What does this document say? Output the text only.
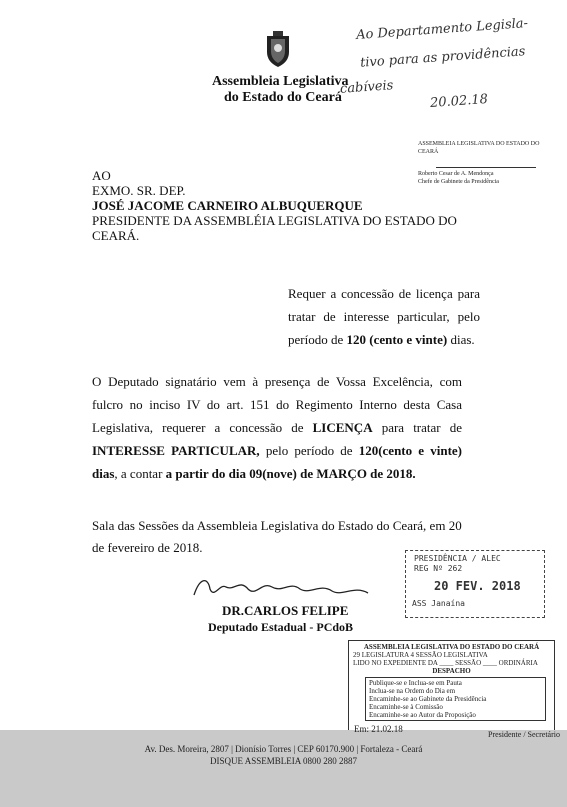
Assembleia Legislativa
do Estado do Ceará
Ao Departamento Legisla-
tivo para as providências
cabíveis
20.02.18
ASSEMBLEIA LEGISLATIVA DO ESTADO DO CEARÁ
Roberto Cesar de A. Mendonça
Chefe de Gabinete da Presidência
AO
EXMO. SR. DEP.
JOSÉ JACOME CARNEIRO ALBUQUERQUE
PRESIDENTE DA ASSEMBLÉIA LEGISLATIVA DO ESTADO DO CEARÁ.
Requer a concessão de licença para tratar de interesse particular, pelo período de 120 (cento e vinte) dias.
O Deputado signatário vem à presença de Vossa Excelência, com fulcro no inciso IV do art. 151 do Regimento Interno desta Casa Legislativa, requerer a concessão de LICENÇA para tratar de INTERESSE PARTICULAR, pelo período de 120(cento e vinte) dias, a contar a partir do dia 09(nove) de MARÇO de 2018.
Sala das Sessões da Assembleia Legislativa do Estado do Ceará, em 20 de fevereiro de 2018.
DR.CARLOS FELIPE
Deputado Estadual - PCdoB
PRESIDÊNCIA / ALEC
REG Nº 262
20 FEV. 2018
ASS Janaína
ASSEMBLEIA LEGISLATIVA DO ESTADO DO CEARÁ
29 LEGISLATURA 4 SESSÃO LEGISLATIVA
LIDO NO EXPEDIENTE DA ____ SESSÃO ____ ORDINÁRIA
DESPACHO
Publique-se e Inclua-se em Pauta
Inclua-se na Ordem do Dia em
Encaminhe-se ao Gabinete da Presidência
Encaminhe-se à Comissão
Encaminhe-se ao Autor da Proposição
Em: 21.02.18
Presidente / Secretário
Av. Des. Moreira, 2807 | Dionísio Torres | CEP 60170.900 | Fortaleza - Ceará
DISQUE ASSEMBLEIA 0800 280 2887
